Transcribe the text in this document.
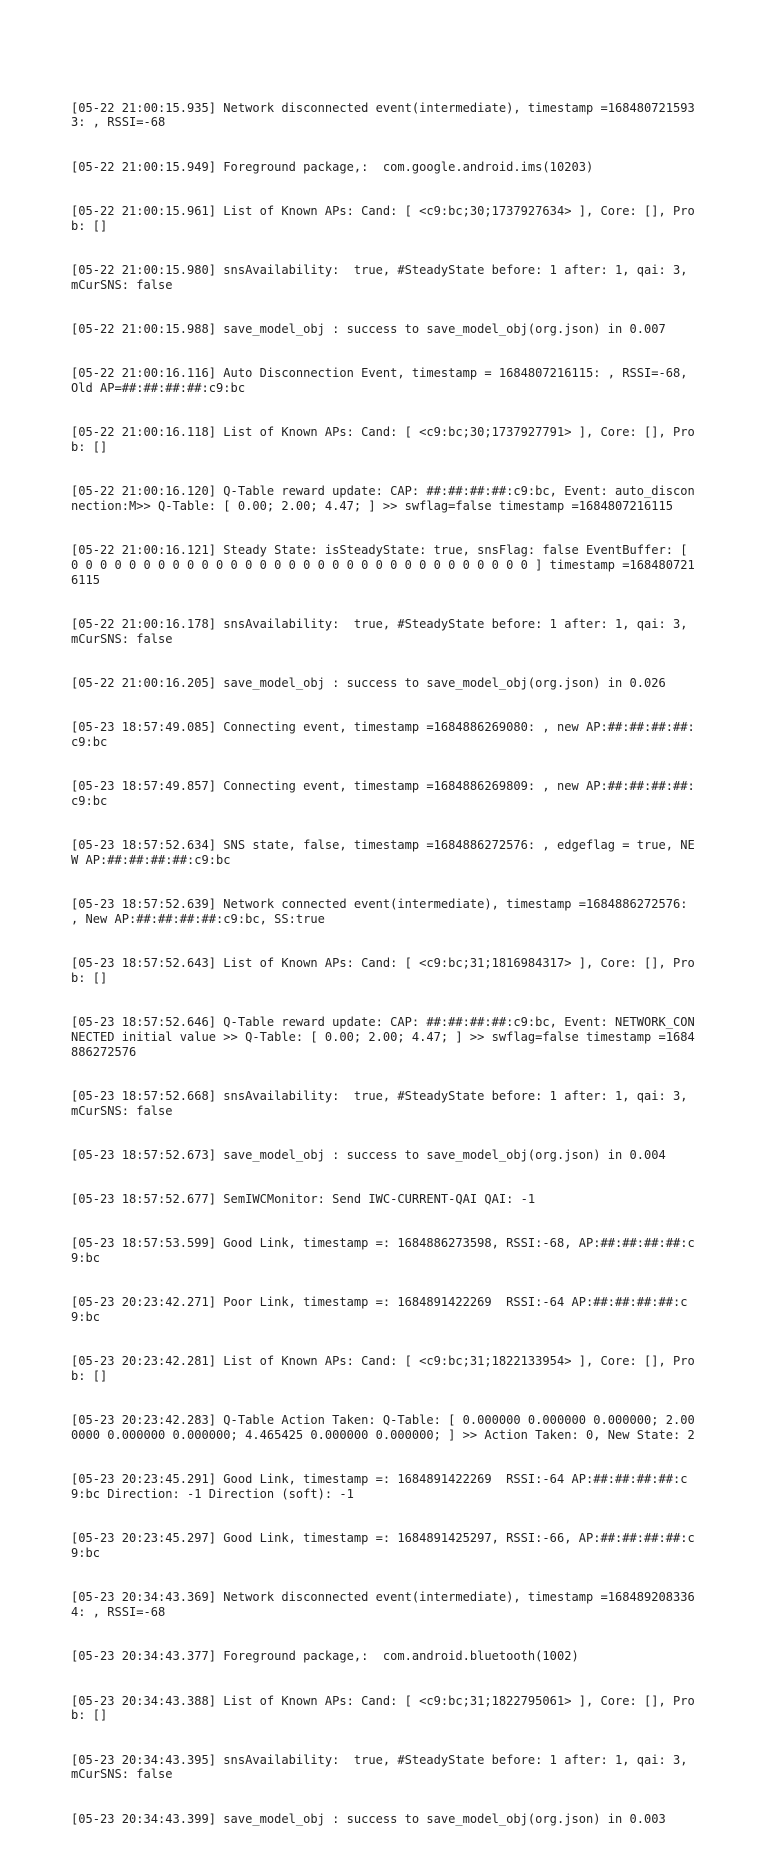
[05-22 21:00:15.935] Network disconnected event(intermediate), timestamp =1684807215933: , RSSI=-68

[05-22 21:00:15.949] Foreground package,:  com.google.android.ims(10203)

[05-22 21:00:15.961] List of Known APs: Cand: [ <c9:bc;30;1737927634> ], Core: [], Prob: []

[05-22 21:00:15.980] snsAvailability:  true, #SteadyState before: 1 after: 1, qai: 3, mCurSNS: false

[05-22 21:00:15.988] save_model_obj : success to save_model_obj(org.json) in 0.007

[05-22 21:00:16.116] Auto Disconnection Event, timestamp = 1684807216115: , RSSI=-68, Old AP=##:##:##:##:c9:bc

[05-22 21:00:16.118] List of Known APs: Cand: [ <c9:bc;30;1737927791> ], Core: [], Prob: []

[05-22 21:00:16.120] Q-Table reward update: CAP: ##:##:##:##:c9:bc, Event: auto_disconnection:M>> Q-Table: [ 0.00; 2.00; 4.47; ] >> swflag=false timestamp =1684807216115

[05-22 21:00:16.121] Steady State: isSteadyState: true, snsFlag: false EventBuffer: [ 0 0 0 0 0 0 0 0 0 0 0 0 0 0 0 0 0 0 0 0 0 0 0 0 0 0 0 0 0 0 0 0 ] timestamp =1684807216115

[05-22 21:00:16.178] snsAvailability:  true, #SteadyState before: 1 after: 1, qai: 3, mCurSNS: false

[05-22 21:00:16.205] save_model_obj : success to save_model_obj(org.json) in 0.026

[05-23 18:57:49.085] Connecting event, timestamp =1684886269080: , new AP:##:##:##:##:c9:bc

[05-23 18:57:49.857] Connecting event, timestamp =1684886269809: , new AP:##:##:##:##:c9:bc

[05-23 18:57:52.634] SNS state, false, timestamp =1684886272576: , edgeflag = true, NEW AP:##:##:##:##:c9:bc

[05-23 18:57:52.639] Network connected event(intermediate), timestamp =1684886272576: , New AP:##:##:##:##:c9:bc, SS:true

[05-23 18:57:52.643] List of Known APs: Cand: [ <c9:bc;31;1816984317> ], Core: [], Prob: []

[05-23 18:57:52.646] Q-Table reward update: CAP: ##:##:##:##:c9:bc, Event: NETWORK_CONNECTED initial value >> Q-Table: [ 0.00; 2.00; 4.47; ] >> swflag=false timestamp =1684886272576

[05-23 18:57:52.668] snsAvailability:  true, #SteadyState before: 1 after: 1, qai: 3, mCurSNS: false

[05-23 18:57:52.673] save_model_obj : success to save_model_obj(org.json) in 0.004

[05-23 18:57:52.677] SemIWCMonitor: Send IWC-CURRENT-QAI QAI: -1

[05-23 18:57:53.599] Good Link, timestamp =: 1684886273598, RSSI:-68, AP:##:##:##:##:c9:bc

[05-23 20:23:42.271] Poor Link, timestamp =: 1684891422269  RSSI:-64 AP:##:##:##:##:c9:bc

[05-23 20:23:42.281] List of Known APs: Cand: [ <c9:bc;31;1822133954> ], Core: [], Prob: []

[05-23 20:23:42.283] Q-Table Action Taken: Q-Table: [ 0.000000 0.000000 0.000000; 2.000000 0.000000 0.000000; 4.465425 0.000000 0.000000; ] >> Action Taken: 0, New State: 2

[05-23 20:23:45.291] Good Link, timestamp =: 1684891422269  RSSI:-64 AP:##:##:##:##:c9:bc Direction: -1 Direction (soft): -1

[05-23 20:23:45.297] Good Link, timestamp =: 1684891425297, RSSI:-66, AP:##:##:##:##:c9:bc

[05-23 20:34:43.369] Network disconnected event(intermediate), timestamp =1684892083364: , RSSI=-68

[05-23 20:34:43.377] Foreground package,:  com.android.bluetooth(1002)

[05-23 20:34:43.388] List of Known APs: Cand: [ <c9:bc;31;1822795061> ], Core: [], Prob: []

[05-23 20:34:43.395] snsAvailability:  true, #SteadyState before: 1 after: 1, qai: 3, mCurSNS: false

[05-23 20:34:43.399] save_model_obj : success to save_model_obj(org.json) in 0.003
